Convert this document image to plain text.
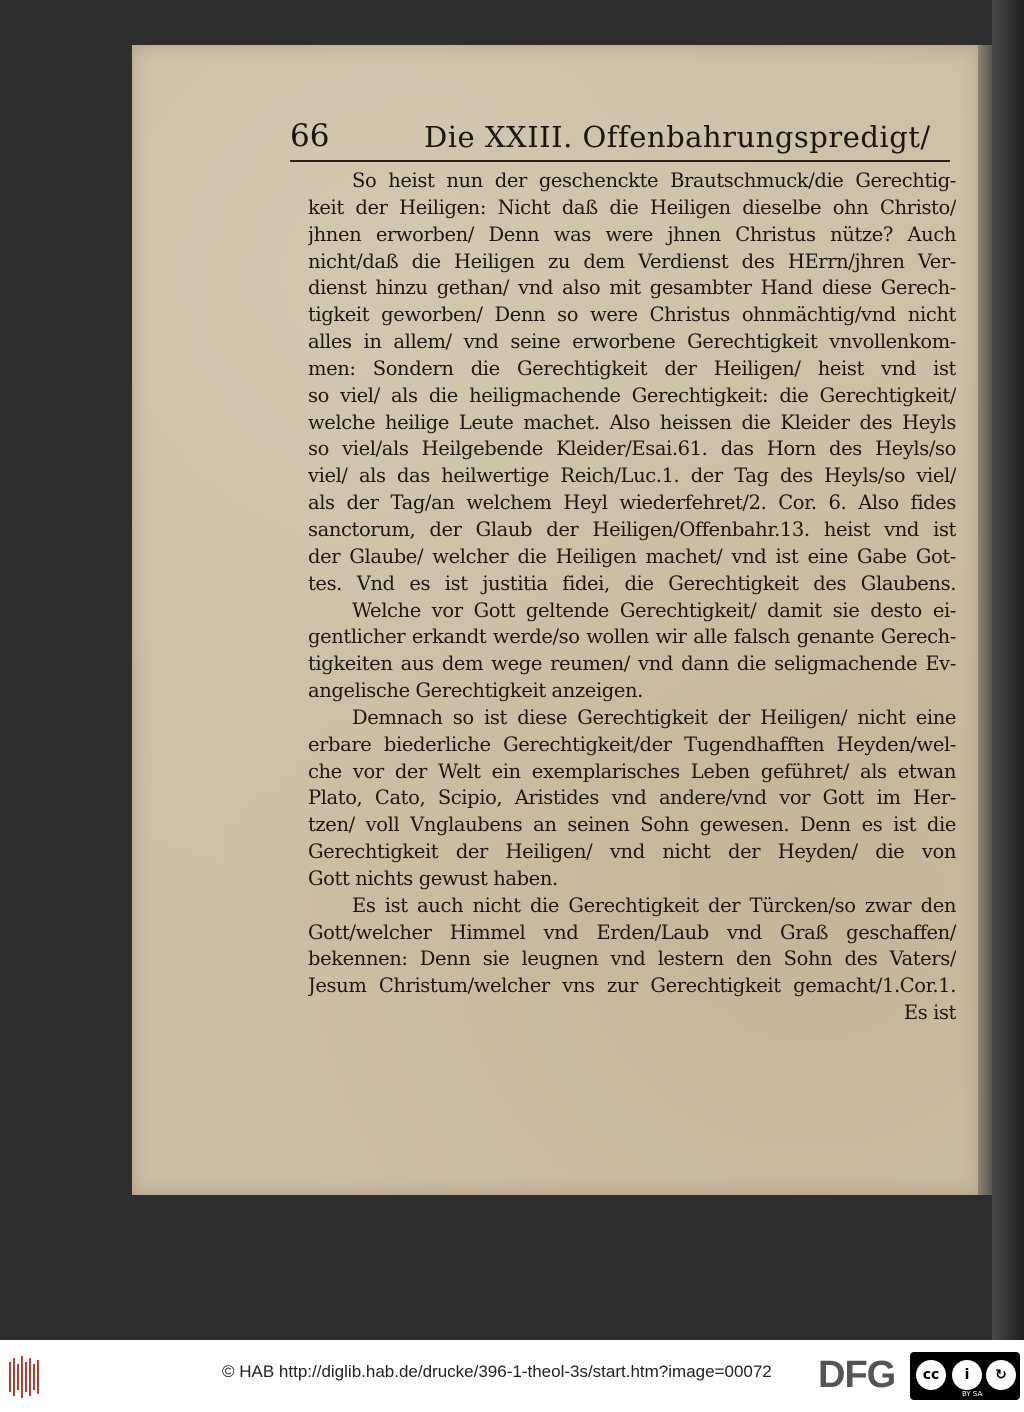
66	Die XXIII. Offenbahrungspredigt/
So heist nun der geschenckte Brautschmuck/die Gerechtig-
keit der Heiligen: Nicht daß die Heiligen dieselbe ohn Christo/
jhnen erworben/ Denn was were jhnen Christus nütze? Auch
nicht/daß die Heiligen zu dem Verdienst des HErrn/jhren Ver-
dienst hinzu gethan/ vnd also mit gesambter Hand diese Gerech-
tigkeit geworben/ Denn so were Christus ohnmächtig/vnd nicht
alles in allem/ vnd seine erworbene Gerechtigkeit vnvollenkom-
men: Sondern die Gerechtigkeit der Heiligen/ heist vnd ist
so viel/ als die heiligmachende Gerechtigkeit: die Gerechtigkeit/
welche heilige Leute machet. Also heissen die Kleider des Heyls
so viel/als Heilgebende Kleider/Esai.61. das Horn des Heyls/so
viel/ als das heilwertige Reich/Luc.1. der Tag des Heyls/so viel/
als der Tag/an welchem Heyl wiederfehret/2. Cor. 6. Also fides
sanctorum, der Glaub der Heiligen/Offenbahr.13. heist vnd ist
der Glaube/ welcher die Heiligen machet/ vnd ist eine Gabe Got-
tes. Vnd es ist justitia fidei, die Gerechtigkeit des Glaubens.
Welche vor Gott geltende Gerechtigkeit/ damit sie desto ei-
gentlicher erkandt werde/so wollen wir alle falsch genante Gerech-
tigkeiten aus dem wege reumen/ vnd dann die seligmachende Ev-
angelische Gerechtigkeit anzeigen.
Demnach so ist diese Gerechtigkeit der Heiligen/ nicht eine
erbare biederliche Gerechtigkeit/der Tugendhafften Heyden/wel-
che vor der Welt ein exemplarisches Leben geführet/ als etwan
Plato, Cato, Scipio, Aristides vnd andere/vnd vor Gott im Her-
tzen/ voll Vnglaubens an seinen Sohn gewesen. Denn es ist die
Gerechtigkeit der Heiligen/ vnd nicht der Heyden/ die von
Gott nichts gewust haben.
Es ist auch nicht die Gerechtigkeit der Türcken/so zwar den
Gott/welcher Himmel vnd Erden/Laub vnd Graß geschaffen/
bekennen: Denn sie leugnen vnd lestern den Sohn des Vaters/
Jesum Christum/welcher vns zur Gerechtigkeit gemacht/1.Cor.1.
Es ist
© HAB http://diglib.hab.de/drucke/396-1-theol-3s/start.htm?image=00072 DFG	cc	i	↻
BY SA
